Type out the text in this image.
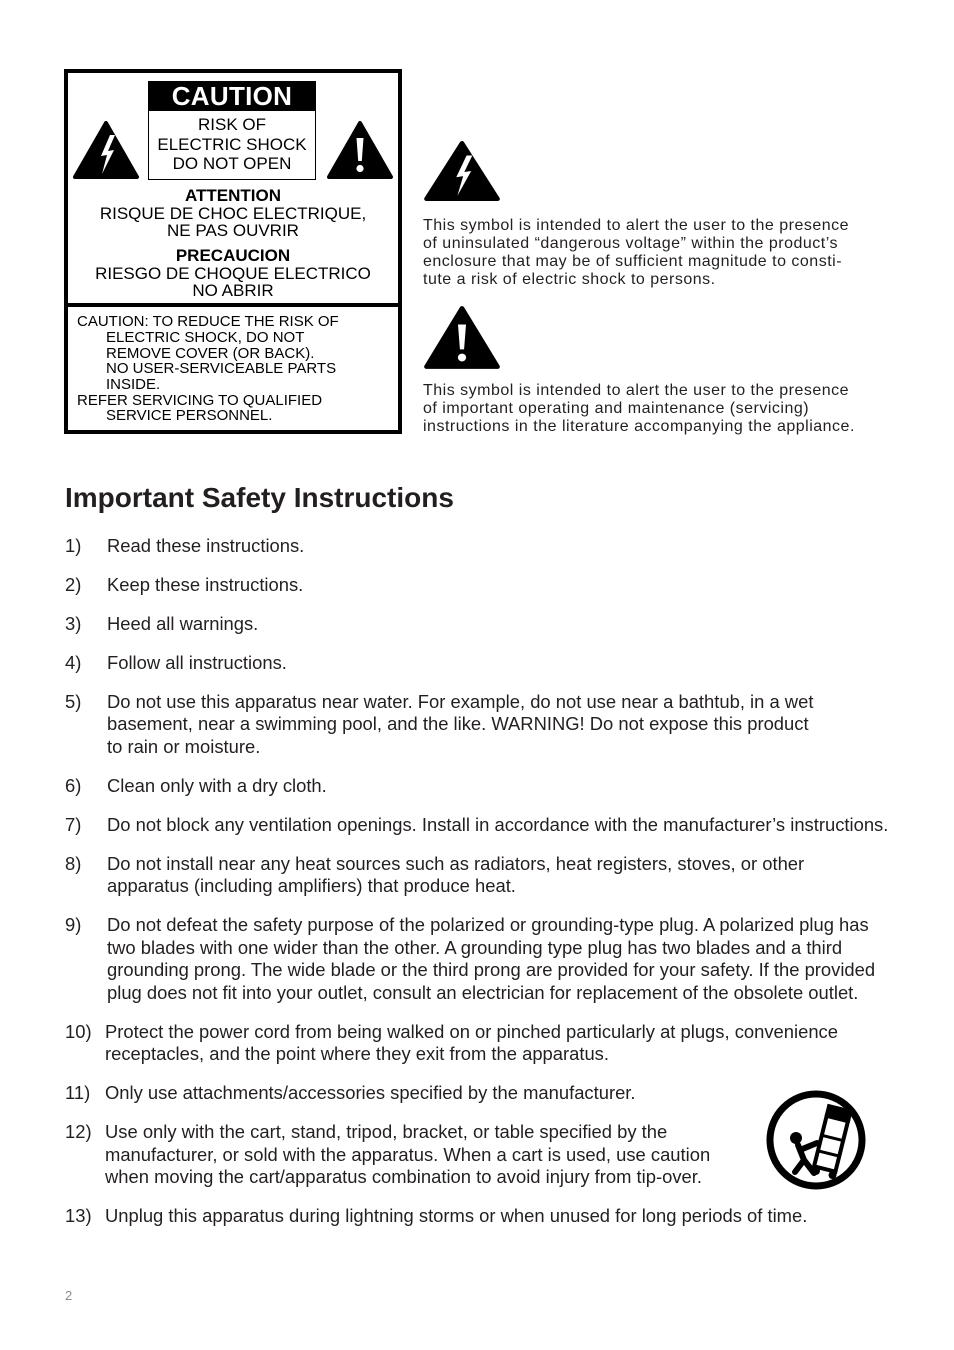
CAUTION
RISK OF
ELECTRIC SHOCK
DO NOT OPEN
ATTENTION
RISQUE DE CHOC ELECTRIQUE,
NE PAS OUVRIR
PRECAUCION
RIESGO DE CHOQUE ELECTRICO
NO ABRIR
CAUTION: TO REDUCE THE RISK OF
ELECTRIC SHOCK, DO NOT
REMOVE COVER (OR BACK).
NO USER-SERVICEABLE PARTS
INSIDE.
REFER SERVICING TO QUALIFIED
SERVICE PERSONNEL.
This symbol is intended to alert the user to the presence
of uninsulated “dangerous voltage” within the product’s
enclosure that may be of sufficient magnitude to consti-
tute a risk of electric shock to persons.
This symbol is intended to alert the user to the presence
of important operating and maintenance (servicing)
instructions in the literature accompanying the appliance.
Important Safety Instructions
1) Read these instructions.
2) Keep these instructions.
3) Heed all warnings.
4) Follow all instructions.
5) Do not use this apparatus near water. For example, do not use near a bathtub, in a wet
basement, near a swimming pool, and the like. WARNING! Do not expose this product
to rain or moisture.
6) Clean only with a dry cloth.
7) Do not block any ventilation openings. Install in accordance with the manufacturer’s instructions.
8) Do not install near any heat sources such as radiators, heat registers, stoves, or other
apparatus (including amplifiers) that produce heat.
9) Do not defeat the safety purpose of the polarized or grounding-type plug. A polarized plug has
two blades with one wider than the other. A grounding type plug has two blades and a third
grounding prong. The wide blade or the third prong are provided for your safety. If the provided
plug does not fit into your outlet, consult an electrician for replacement of the obsolete outlet.
10) Protect the power cord from being walked on or pinched particularly at plugs, convenience
receptacles, and the point where they exit from the apparatus.
11) Only use attachments/accessories specified by the manufacturer.
12) Use only with the cart, stand, tripod, bracket, or table specified by the
manufacturer, or sold with the apparatus. When a cart is used, use caution
when moving the cart/apparatus combination to avoid injury from tip-over.
13) Unplug this apparatus during lightning storms or when unused for long periods of time.
2
